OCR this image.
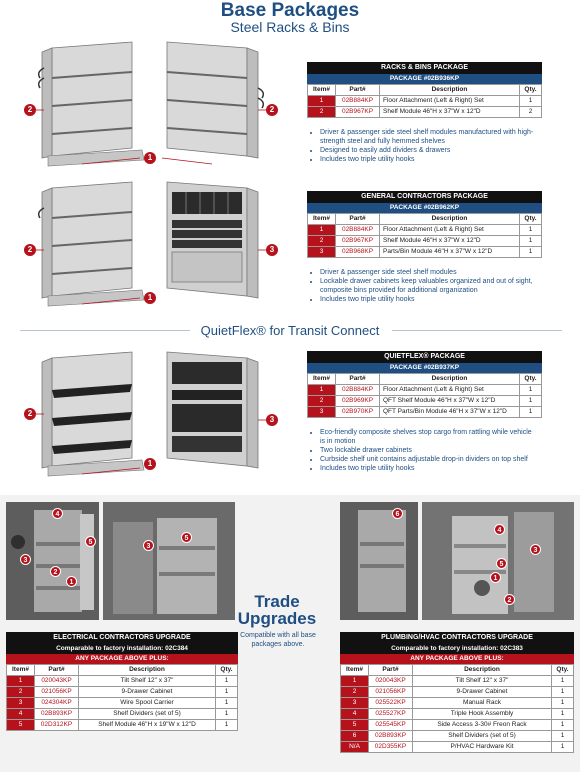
Base Packages
Steel Racks & Bins
1
2	2
RACKS & BINS PACKAGE
PACKAGE #02B936KP
Item#	Part#	Description	Qty.
1	02B884KP	Floor Attachment (Left & Right) Set	1
2	02B967KP	Shelf Module 46"H x 37"W x 12"D	2
• Driver & passenger side steel shelf modules manufactured with high-strength steel and fully hemmed shelves
• Designed to easily add dividers & drawers
• Includes two triple utility hooks
1
2	3
GENERAL CONTRACTORS PACKAGE
PACKAGE #02B962KP
Item#	Part#	Description	Qty.
1	02B884KP	Floor Attachment (Left & Right) Set	1
2	02B967KP	Shelf Module 46"H x 37"W x 12"D	1
3	02B968KP	Parts/Bin Module 46"H x 37"W x 12"D	1
• Driver & passenger side steel shelf modules
• Lockable drawer cabinets keep valuables organized and out of sight, composite bins provided for additional organization
• Includes two triple utility hooks
QuietFlex® for Transit Connect
1
2
3
QUIETFLEX® PACKAGE
PACKAGE #02B937KP
Item#	Part#	Description	Qty.
1	02B884KP	Floor Attachment (Left & Right) Set	1
2	02B969KP	QFT Shelf Module 46"H x 37"W x 12"D	1
3	02B970KP	QFT Parts/Bin Module 46"H x 37"W x 12"D	1
• Eco-friendly composite shelves stop cargo from rattling while vehicle is in motion
• Two lockable drawer cabinets
• Curbside shelf unit contains adjustable drop-in dividers on top shelf
• Includes two triple utility hooks
4
5
2
1
3
5
3
6
4
3
5
1
2
Trade
Upgrades
Compatible with all base packages above.
ELECTRICAL CONTRACTORS UPGRADE
Comparable to factory installation: 02C384
ANY PACKAGE ABOVE PLUS:
Item#	Part#	Description	Qty.
1	020043KP	Tilt Shelf 12" x 37"	1
2	021056KP	9-Drawer Cabinet	1
3	024304KP	Wire Spool Carrier	1
4	02B893KP	Shelf Dividers (set of 5)	1
5	02D312KP	Shelf Module 46"H x 19"W x 12"D	1
PLUMBING/HVAC CONTRACTORS UPGRADE
Comparable to factory installation: 02C383
ANY PACKAGE ABOVE PLUS:
Item#	Part#	Description	Qty.
1	020043KP	Tilt Shelf 12" x 37"	1
2	021056KP	9-Drawer Cabinet	1
3	025522KP	Manual Rack	1
4	025527KP	Triple Hook Assembly	1
5	025545KP	Side Access 3-30# Freon Rack	1
6	02B893KP	Shelf Dividers (set of 5)	1
N/A	02D355KP	P/HVAC Hardware Kit	1
